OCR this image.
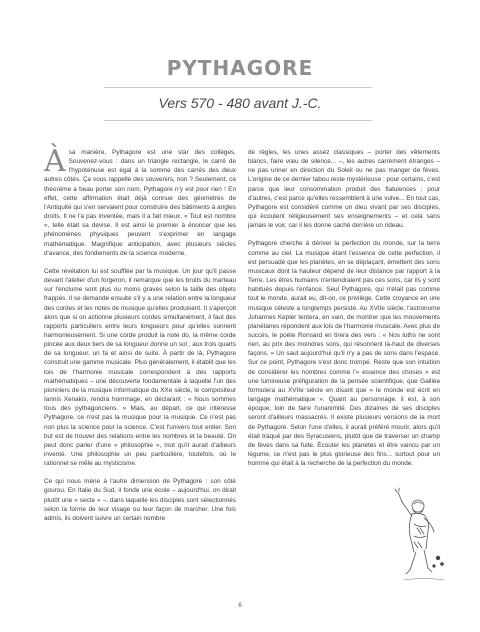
PYTHAGORE

Vers 570 - 480 avant J.-C.

Àsa manière, Pythagore est une star des collèges. Souvenez-vous : dans un triangle rectangle, le carré de l'hypoténuse est égal à la somme des carrés des deux autres côtés. Ça vous rappelle des souvenirs, non ? Seulement, ce théorème a beau porter son nom, Pythagore n'y est pour rien ! En effet, cette affirmation était déjà connue des géomètres de l'Antiquité qui s'en servaient pour construire des bâtiments à angles droits. Il ne l'a pas inventée, mais il a fait mieux. « Tout est nombre », telle était sa devise. Il est ainsi le premier à énoncer que les phénomènes physiques peuvent s'exprimer en langage mathématique. Magnifique anticipation, avec plusieurs siècles d'avance, des fondements de la science moderne.

Cette révélation lui est soufflée par la musique. Un jour qu'il passe devant l'atelier d'un forgeron, il remarque que les bruits du marteau sur l'enclume sont plus ou moins graves selon la taille des objets frappés. Il se demande ensuite s'il y a une relation entre la longueur des cordes et les notes de musique qu'elles produisent. Il s'aperçoit alors que si on actionne plusieurs cordes simultanément, il faut des rapports particuliers entre leurs longueurs pour qu'elles sonnent harmonieusement. Si une corde produit la note do, la même corde pincée aux deux tiers de sa longueur donne un sol ; aux trois quarts de sa longueur, un fa et ainsi de suite. À partir de là, Pythagore construit une gamme musicale. Plus généralement, il établit que les lois de l'harmonie musicale correspondent à des rapports mathématiques – une découverte fondamentale à laquelle l'un des pionniers de la musique informatique du XXe siècle, le compositeur Iannis Xenakis, rendra hommage, en déclarant : « Nous sommes tous des pythagoriciens. » Mais, au départ, ce qui intéresse Pythagore, ce n'est pas la musique pour la musique. Ce n'est pas non plus la science pour la science. C'est l'univers tout entier. Son but est de trouver des relations entre les nombres et la beauté. On peut donc parler d'une « philosophie », mot qu'il aurait d'ailleurs inventé. Une philosophie un peu particulière, toutefois, où le rationnel se mêle au mysticisme.

Ce qui nous mène à l'autre dimension de Pythagore : son côté gourou. En Italie du Sud, il fonde une école – aujourd'hui, on dirait plutôt une « secte » –, dans laquelle les disciples sont sélectionnés selon la forme de leur visage ou leur façon de marcher. Une fois admis, ils doivent suivre un certain nombre

de règles, les unes assez classiques – porter des vêtements blancs, faire vœu de silence... –, les autres carrément étranges – ne pas uriner en direction du Soleil ou ne pas manger de fèves. L'origine de ce dernier tabou reste mystérieuse : pour certains, c'est parce que leur consommation produit des flatulences ; pour d'autres, c'est parce qu'elles ressemblent à une vulve... En tout cas, Pythagore est considéré comme un dieu vivant par ses disciples, qui écoutent religieusement ses enseignements – et cela sans jamais le voir, car il les donne caché derrière un rideau.

Pythagore cherche à dériver la perfection du monde, sur la terre comme au ciel. La musique étant l'essence de cette perfection, il est persuadé que les planètes, en se déplaçant, émettent des sons musicaux dont la hauteur dépend de leur distance par rapport à la Terre. Les êtres humains n'entendraient pas ces sons, car ils y sont habitués depuis l'enfance. Seul Pythagore, qui n'était pas comme tout le monde, aurait eu, dit-on, ce privilège. Cette croyance en une musique céleste a longtemps persisté. Au XVIIe siècle, l'astronome Johannes Kepler tentera, en vain, de montrer que les mouvements planétaires répondent aux lois de l'harmonie musicale. Avec plus de succès, le poète Ronsard en tirera des vers : « Nos luths ne sont rien, au prix des moindres sons, qui résonnent là-haut de diverses façons. » Un saut aujourd'hui qu'il n'y a pas de sons dans l'espace. Sur ce point, Pythagore s'est donc trompé. Reste que son intuition de considérer les nombres comme l'« essence des choses » est une lumineuse préfiguration de la pensée scientifique, que Galilée formulera au XVIIe siècle en disant que « le monde est écrit en langage mathématique ». Quant au personnage, il est, à son époque, loin de faire l'unanimité. Des dizaines de ses disciples seront d'ailleurs massacrés. Il existe plusieurs versions de la mort de Pythagore. Selon l'une d'elles, il aurait préféré mourir, alors qu'il était traqué par des Syracusiens, plutôt que de traverser un champ de fèves dans sa fuite. Écouter les planètes et être vaincu par un légume, ce n'est pas le plus glorieuse des fins... surtout pour un homme qui était à la recherche de la perfection du monde.

6
